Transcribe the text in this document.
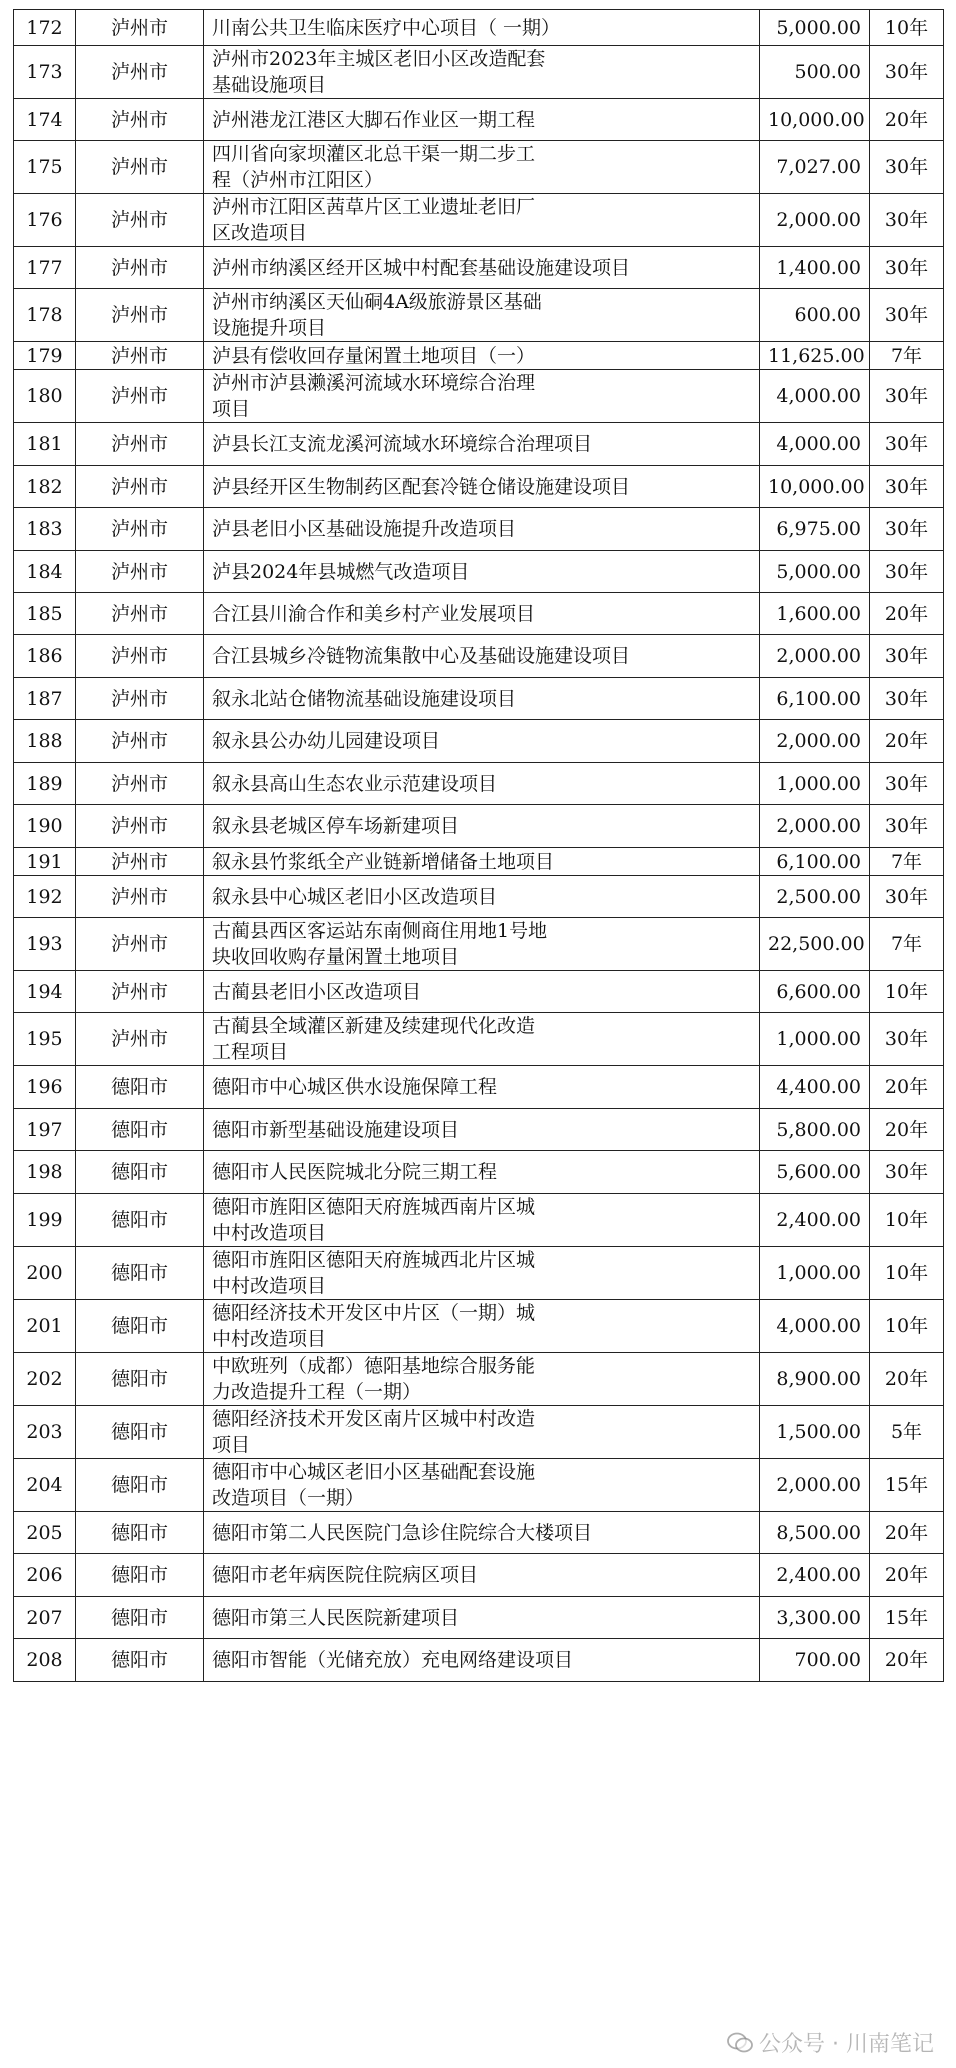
172	泸州市	川南公共卫生临床医疗中心项目（ 一期）	5,000.00	10年
173	泸州市	泸州市2023年主城区老旧小区改造配套
基础设施项目	500.00	30年
174	泸州市	泸州港龙江港区大脚石作业区一期工程	10,000.00	20年
175	泸州市	四川省向家坝灌区北总干渠一期二步工
程（泸州市江阳区）	7,027.00	30年
176	泸州市	泸州市江阳区茜草片区工业遗址老旧厂
区改造项目	2,000.00	30年
177	泸州市	泸州市纳溪区经开区城中村配套基础设施建设项目	1,400.00	30年
178	泸州市	泸州市纳溪区天仙硐4A级旅游景区基础
设施提升项目	600.00	30年
179	泸州市	泸县有偿收回存量闲置土地项目（一）	11,625.00	7年
180	泸州市	泸州市泸县濑溪河流域水环境综合治理
项目	4,000.00	30年
181	泸州市	泸县长江支流龙溪河流域水环境综合治理项目	4,000.00	30年
182	泸州市	泸县经开区生物制药区配套冷链仓储设施建设项目	10,000.00	30年
183	泸州市	泸县老旧小区基础设施提升改造项目	6,975.00	30年
184	泸州市	泸县2024年县城燃气改造项目	5,000.00	30年
185	泸州市	合江县川渝合作和美乡村产业发展项目	1,600.00	20年
186	泸州市	合江县城乡冷链物流集散中心及基础设施建设项目	2,000.00	30年
187	泸州市	叙永北站仓储物流基础设施建设项目	6,100.00	30年
188	泸州市	叙永县公办幼儿园建设项目	2,000.00	20年
189	泸州市	叙永县高山生态农业示范建设项目	1,000.00	30年
190	泸州市	叙永县老城区停车场新建项目	2,000.00	30年
191	泸州市	叙永县竹浆纸全产业链新增储备土地项目	6,100.00	7年
192	泸州市	叙永县中心城区老旧小区改造项目	2,500.00	30年
193	泸州市	古蔺县西区客运站东南侧商住用地1号地
块收回收购存量闲置土地项目	22,500.00	7年
194	泸州市	古蔺县老旧小区改造项目	6,600.00	10年
195	泸州市	古蔺县全域灌区新建及续建现代化改造
工程项目	1,000.00	30年
196	德阳市	德阳市中心城区供水设施保障工程	4,400.00	20年
197	德阳市	德阳市新型基础设施建设项目	5,800.00	20年
198	德阳市	德阳市人民医院城北分院三期工程	5,600.00	30年
199	德阳市	德阳市旌阳区德阳天府旌城西南片区城
中村改造项目	2,400.00	10年
200	德阳市	德阳市旌阳区德阳天府旌城西北片区城
中村改造项目	1,000.00	10年
201	德阳市	德阳经济技术开发区中片区（一期）城
中村改造项目	4,000.00	10年
202	德阳市	中欧班列（成都）德阳基地综合服务能
力改造提升工程（一期）	8,900.00	20年
203	德阳市	德阳经济技术开发区南片区城中村改造
项目	1,500.00	5年
204	德阳市	德阳市中心城区老旧小区基础配套设施
改造项目（一期）	2,000.00	15年
205	德阳市	德阳市第二人民医院门急诊住院综合大楼项目	8,500.00	20年
206	德阳市	德阳市老年病医院住院病区项目	2,400.00	20年
207	德阳市	德阳市第三人民医院新建项目	3,300.00	15年
208	德阳市	德阳市智能（光储充放）充电网络建设项目	700.00	20年
公众号 · 川南笔记
